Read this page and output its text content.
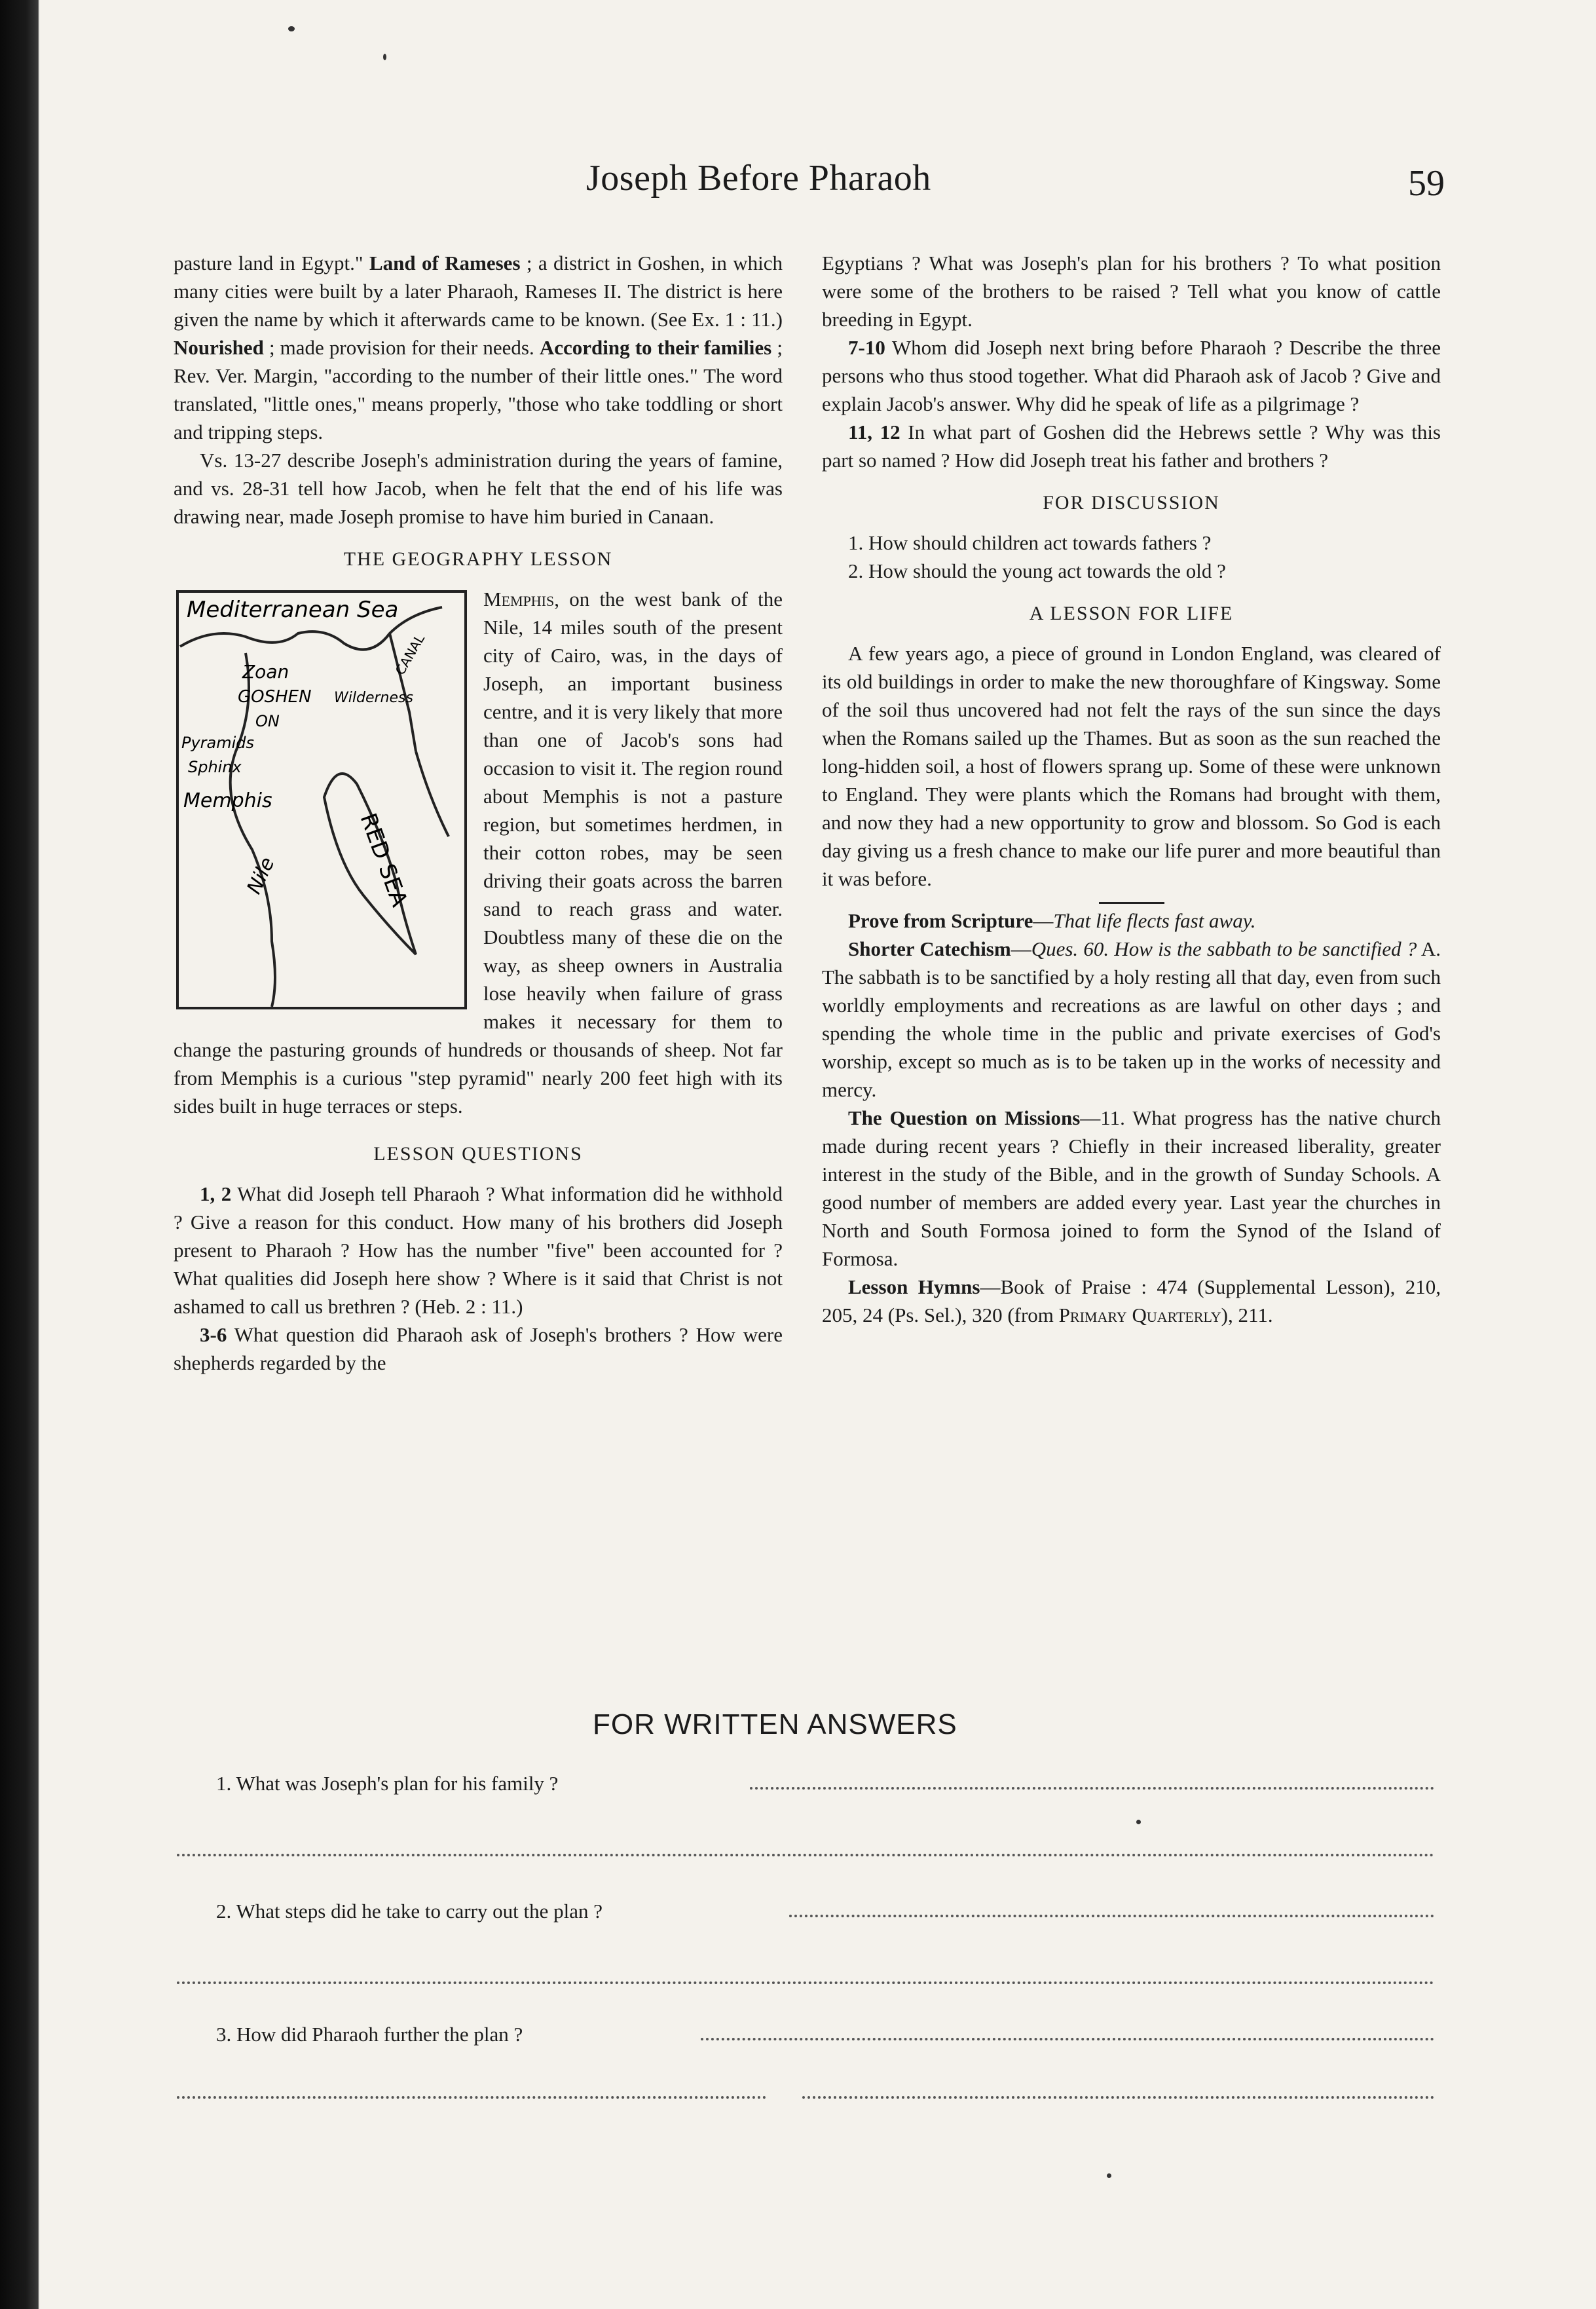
Joseph Before Pharaoh	59

pasture land in Egypt." Land of Rameses ; a district in Goshen, in which many cities were built by a later Pharaoh, Rameses II. The district is here given the name by which it afterwards came to be known. (See Ex. 1 : 11.) Nourished ; made provision for their needs. According to their families ; Rev. Ver. Margin, "according to the number of their little ones." The word translated, "little ones," means properly, "those who take toddling or short and tripping steps.

Vs. 13-27 describe Joseph's administration during the years of famine, and vs. 28-31 tell how Jacob, when he felt that the end of his life was drawing near, made Joseph promise to have him buried in Canaan.

THE GEOGRAPHY LESSON
Mediterranean Sea
CANAL
Zoan
GOSHEN Wilderness
ON
Pyramids
Sphinx
Memphis
Nile	RED SEA
Memphis, on the west bank of the Nile, 14 miles south of the present city of Cairo, was, in the days of Joseph, an important business centre, and it is very likely that more than one of Jacob's sons had occasion to visit it. The region round about Memphis is not a pasture region, but sometimes herdmen, in their cotton robes, may be seen driving their goats across the barren sand to reach grass and water. Doubtless many of these die on the way, as sheep owners in Australia lose heavily when failure of grass makes it necessary for them to change the pasturing grounds of hundreds or thousands of sheep. Not far from Memphis is a curious "step pyramid" nearly 200 feet high with its sides built in huge terraces or steps.
LESSON QUESTIONS

1, 2 What did Joseph tell Pharaoh ? What information did he withhold ? Give a reason for this conduct. How many of his brothers did Joseph present to Pharaoh ? How has the number "five" been accounted for ? What qualities did Joseph here show ? Where is it said that Christ is not ashamed to call us brethren ? (Heb. 2 : 11.)

3-6 What question did Pharaoh ask of Joseph's brothers ? How were shepherds regarded by the

Egyptians ? What was Joseph's plan for his brothers ? To what position were some of the brothers to be raised ? Tell what you know of cattle breeding in Egypt.

7-10 Whom did Joseph next bring before Pharaoh ? Describe the three persons who thus stood together. What did Pharaoh ask of Jacob ? Give and explain Jacob's answer. Why did he speak of life as a pilgrimage ?

11, 12 In what part of Goshen did the Hebrews settle ? Why was this part so named ? How did Joseph treat his father and brothers ?

FOR DISCUSSION

1. How should children act towards fathers ?

2. How should the young act towards the old ?

A LESSON FOR LIFE

A few years ago, a piece of ground in London England, was cleared of its old buildings in order to make the new thoroughfare of Kingsway. Some of the soil thus uncovered had not felt the rays of the sun since the days when the Romans sailed up the Thames. But as soon as the sun reached the long-hidden soil, a host of flowers sprang up. Some of these were unknown to England. They were plants which the Romans had brought with them, and now they had a new opportunity to grow and blossom. So God is each day giving us a fresh chance to make our life purer and more beautiful than it was before.

Prove from Scripture—That life flects fast away.

Shorter Catechism—Ques. 60. How is the sabbath to be sanctified ? A. The sabbath is to be sanctified by a holy resting all that day, even from such worldly employments and recreations as are lawful on other days ; and spending the whole time in the public and private exercises of God's worship, except so much as is to be taken up in the works of necessity and mercy.

The Question on Missions—11. What progress has the native church made during recent years ? Chiefly in their increased liberality, greater interest in the study of the Bible, and in the growth of Sunday Schools. A good number of members are added every year. Last year the churches in North and South Formosa joined to form the Synod of the Island of Formosa.

Lesson Hymns—Book of Praise : 474 (Supplemental Lesson), 210, 205, 24 (Ps. Sel.), 320 (from Primary Quarterly), 211.

FOR WRITTEN ANSWERS
1. What was Joseph's plan for his family ?
2. What steps did he take to carry out the plan ?
3. How did Pharaoh further the plan ?
